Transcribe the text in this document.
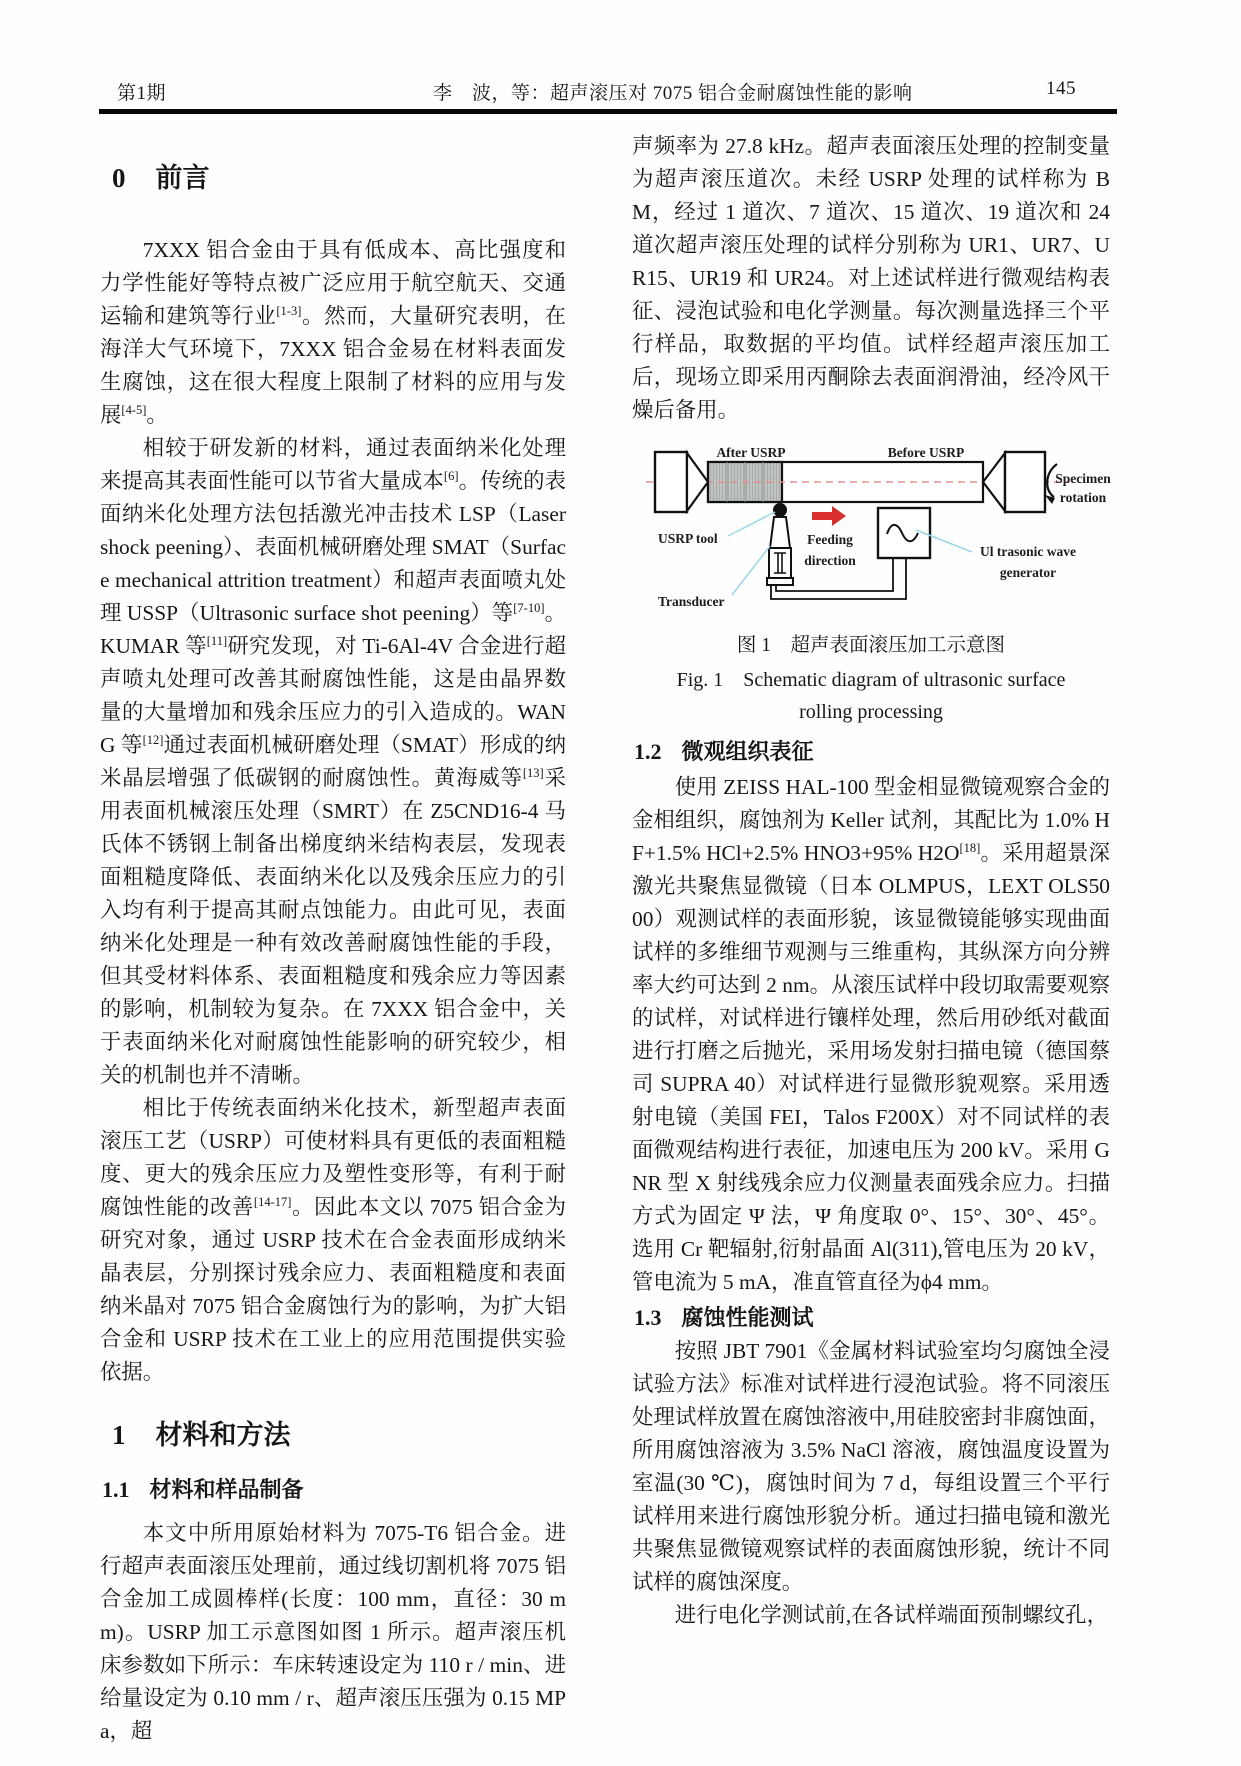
第1期	李　波，等：超声滚压对 7075 铝合金耐腐蚀性能的影响	145
0 前言

7XXX 铝合金由于具有低成本、高比强度和力学性能好等特点被广泛应用于航空航天、交通运输和建筑等行业[1-3]。然而，大量研究表明，在海洋大气环境下，7XXX 铝合金易在材料表面发生腐蚀，这在很大程度上限制了材料的应用与发展[4-5]。

相较于研发新的材料，通过表面纳米化处理来提高其表面性能可以节省大量成本[6]。传统的表面纳米化处理方法包括激光冲击技术 LSP（Laser shock peening）、表面机械研磨处理 SMAT（Surface mechanical attrition treatment）和超声表面喷丸处理 USSP（Ultrasonic surface shot peening）等[7-10]。KUMAR 等[11]研究发现，对 Ti-6Al-4V 合金进行超声喷丸处理可改善其耐腐蚀性能，这是由晶界数量的大量增加和残余压应力的引入造成的。WANG 等[12]通过表面机械研磨处理（SMAT）形成的纳米晶层增强了低碳钢的耐腐蚀性。黄海威等[13]采用表面机械滚压处理（SMRT）在 Z5CND16-4 马氏体不锈钢上制备出梯度纳米结构表层，发现表面粗糙度降低、表面纳米化以及残余压应力的引入均有利于提高其耐点蚀能力。由此可见，表面纳米化处理是一种有效改善耐腐蚀性能的手段，但其受材料体系、表面粗糙度和残余应力等因素的影响，机制较为复杂。在 7XXX 铝合金中，关于表面纳米化对耐腐蚀性能影响的研究较少，相关的机制也并不清晰。

相比于传统表面纳米化技术，新型超声表面滚压工艺（USRP）可使材料具有更低的表面粗糙度、更大的残余压应力及塑性变形等，有利于耐腐蚀性能的改善[14-17]。因此本文以 7075 铝合金为研究对象，通过 USRP 技术在合金表面形成纳米晶表层，分别探讨残余应力、表面粗糙度和表面纳米晶对 7075 铝合金腐蚀行为的影响，为扩大铝合金和 USRP 技术在工业上的应用范围提供实验依据。

1 材料和方法
1.1 材料和样品制备

本文中所用原始材料为 7075-T6 铝合金。进行超声表面滚压处理前，通过线切割机将 7075 铝合金加工成圆棒样(长度：100 mm，直径：30 mm)。USRP 加工示意图如图 1 所示。超声滚压机床参数如下所示：车床转速设定为 110 r / min、进给量设定为 0.10 mm / r、超声滚压压强为 0.15 MPa，超

声频率为 27.8 kHz。超声表面滚压处理的控制变量为超声滚压道次。未经 USRP 处理的试样称为 BM，经过 1 道次、7 道次、15 道次、19 道次和 24 道次超声滚压处理的试样分别称为 UR1、UR7、UR15、UR19 和 UR24。对上述试样进行微观结构表征、浸泡试验和电化学测量。每次测量选择三个平行样品，取数据的平均值。试样经超声滚压加工后，现场立即采用丙酮除去表面润滑油，经冷风干燥后备用。

After USRP	Before USRP
Specimen
rotation
USRP tool	Feeding
direction
Transducer
Ul trasonic wave
generator
图 1　超声表面滚压加工示意图
Fig. 1　Schematic diagram of ultrasonic surface
rolling processing
1.2 微观组织表征

使用 ZEISS HAL-100 型金相显微镜观察合金的金相组织，腐蚀剂为 Keller 试剂，其配比为 1.0% HF+1.5% HCl+2.5% HNO3+95% H2O[18]。采用超景深激光共聚焦显微镜（日本 OLMPUS，LEXT OLS5000）观测试样的表面形貌，该显微镜能够实现曲面试样的多维细节观测与三维重构，其纵深方向分辨率大约可达到 2 nm。从滚压试样中段切取需要观察的试样，对试样进行镶样处理，然后用砂纸对截面进行打磨之后抛光，采用场发射扫描电镜（德国蔡司 SUPRA 40）对试样进行显微形貌观察。采用透射电镜（美国 FEI，Talos F200X）对不同试样的表面微观结构进行表征，加速电压为 200 kV。采用 GNR 型 X 射线残余应力仪测量表面残余应力。扫描方式为固定 Ψ 法，Ψ 角度取 0°、15°、30°、45°。选用 Cr 靶辐射,衍射晶面 Al(311),管电压为 20 kV，管电流为 5 mA，准直管直径为ϕ4 mm。

1.3 腐蚀性能测试

按照 JBT 7901《金属材料试验室均匀腐蚀全浸试验方法》标准对试样进行浸泡试验。将不同滚压处理试样放置在腐蚀溶液中,用硅胶密封非腐蚀面，所用腐蚀溶液为 3.5% NaCl 溶液，腐蚀温度设置为室温(30 ℃)，腐蚀时间为 7 d，每组设置三个平行试样用来进行腐蚀形貌分析。通过扫描电镜和激光共聚焦显微镜观察试样的表面腐蚀形貌，统计不同试样的腐蚀深度。

进行电化学测试前,在各试样端面预制螺纹孔，
